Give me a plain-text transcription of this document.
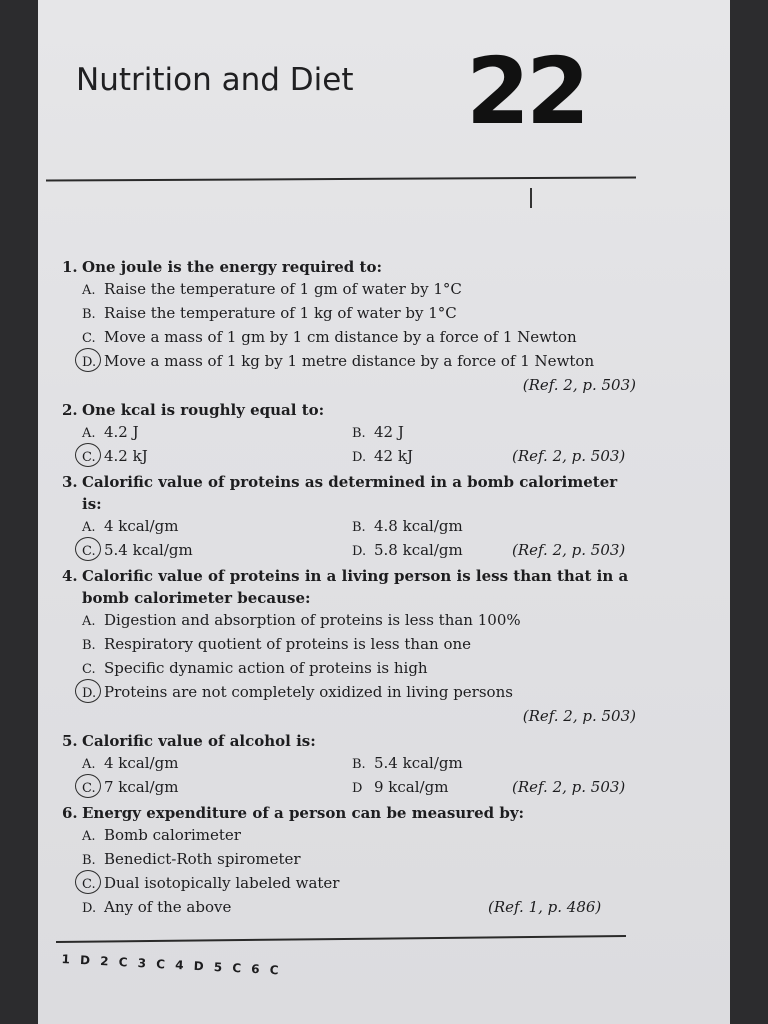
Nutrition and Diet 22
1. One joule is the energy required to:
A. Raise the temperature of 1 gm of water by 1°C
B. Raise the temperature of 1 kg of water by 1°C
C. Move a mass of 1 gm by 1 cm distance by a force of 1 Newton
D. Move a mass of 1 kg by 1 metre distance by a force of 1 Newton
(Ref. 2, p. 503)
2. One kcal is roughly equal to:
A. 4.2 J	B. 42 J
C. 4.2 kJ	D. 42 kJ	(Ref. 2, p. 503)
3. Calorific value of proteins as determined in a bomb calorimeter is:
A. 4 kcal/gm	B. 4.8 kcal/gm
C. 5.4 kcal/gm	D. 5.8 kcal/gm	(Ref. 2, p. 503)
4. Calorific value of proteins in a living person is less than that in a bomb calorimeter because:
A. Digestion and absorption of proteins is less than 100%
B. Respiratory quotient of proteins is less than one
C. Specific dynamic action of proteins is high
D. Proteins are not completely oxidized in living persons
(Ref. 2, p. 503)
5. Calorific value of alcohol is:
A. 4 kcal/gm	B. 5.4 kcal/gm
C. 7 kcal/gm	D 9 kcal/gm	(Ref. 2, p. 503)
6. Energy expenditure of a person can be measured by:
A. Bomb calorimeter
B. Benedict-Roth spirometer
C. Dual isotopically labeled water
D. Any of the above	(Ref. 1, p. 486)
1 D 2 C 3 C 4 D 5 C 6 C
